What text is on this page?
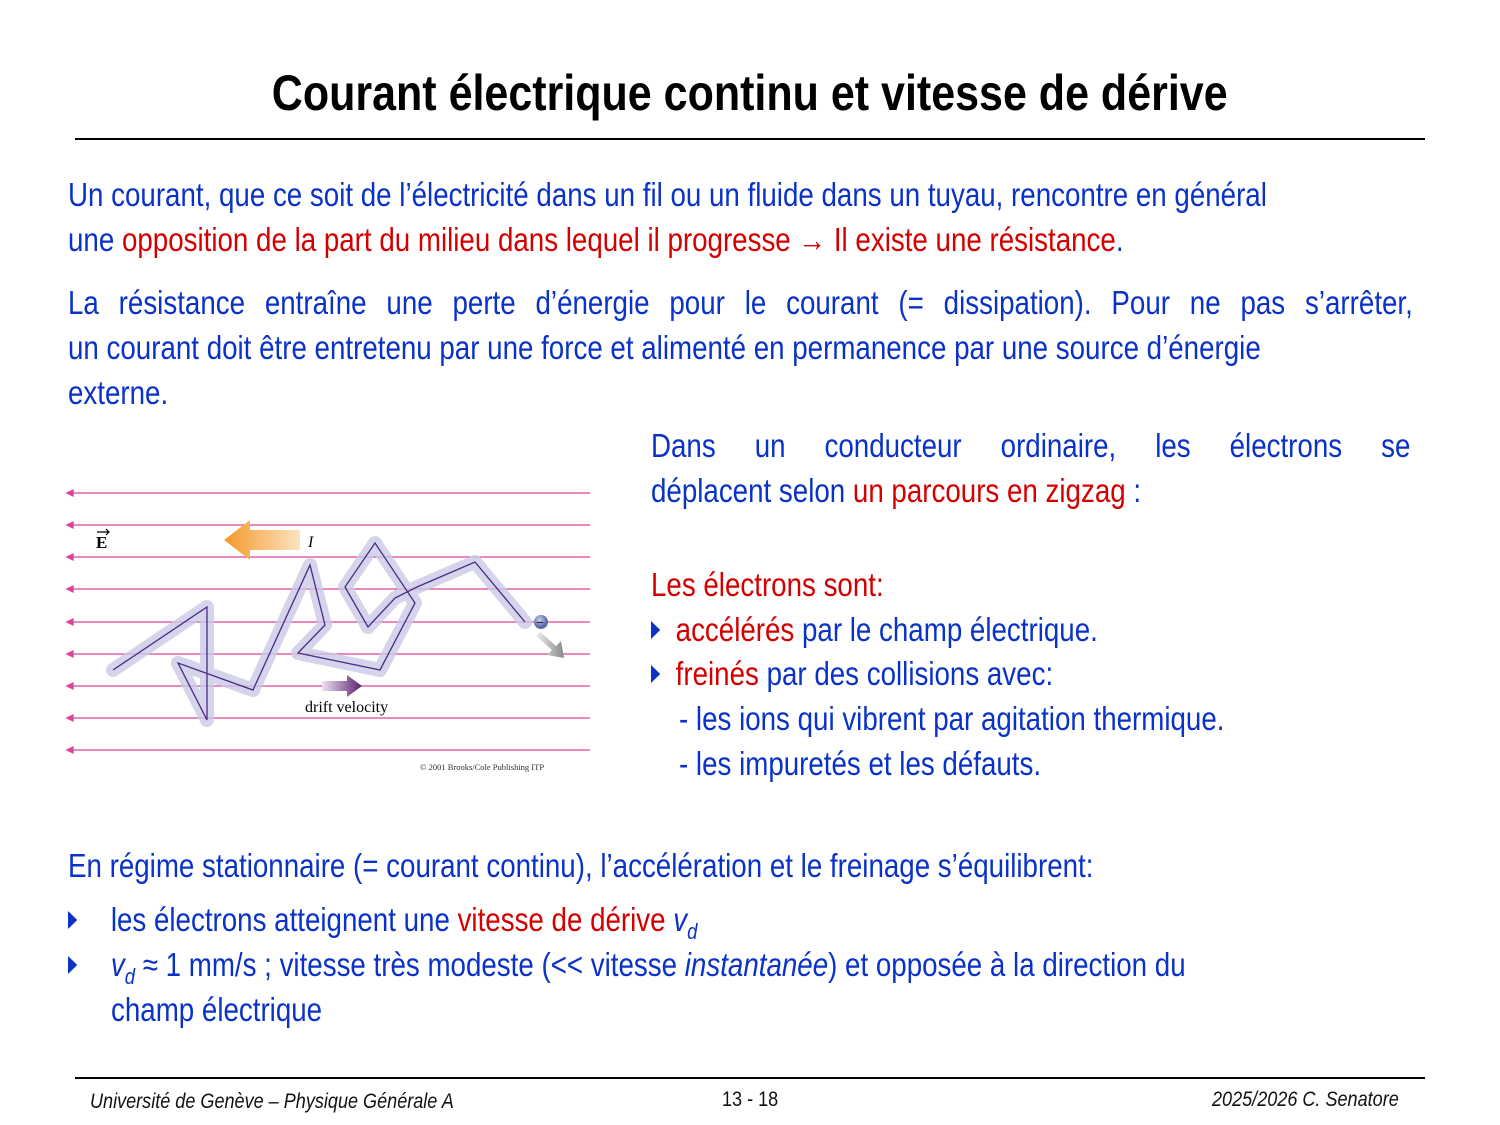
Courant électrique continu et vitesse de dérive
Un courant, que ce soit de l’électricité dans un fil ou un fluide dans un tuyau, rencontre en général
une opposition de la part du milieu dans lequel il progresse → Il existe une résistance.
La résistance entraîne une perte d’énergie pour le courant (= dissipation). Pour ne pas s’arrêter,
un courant doit être entretenu par une force et alimenté en permanence par une source d’énergie
externe.
E	I
−
drift velocity
© 2001 Brooks/Cole Publishing ITP
Dans un conducteur ordinaire, les électrons se
déplacent selon un parcours en zigzag :
Les électrons sont:
accélérés par le champ électrique.
freinés par des collisions avec:
- les ions qui vibrent par agitation thermique.
- les impuretés et les défauts.
En régime stationnaire (= courant continu), l’accélération et le freinage s’équilibrent:
les électrons atteignent une vitesse de dérive $v_d$
$v_d \approx 1$ mm/s ; vitesse très modeste (<< vitesse instantanée) et opposée à la direction du
champ électrique
Université de Genève – Physique Générale A	13 - 18	2025/2026 C. Senatore
